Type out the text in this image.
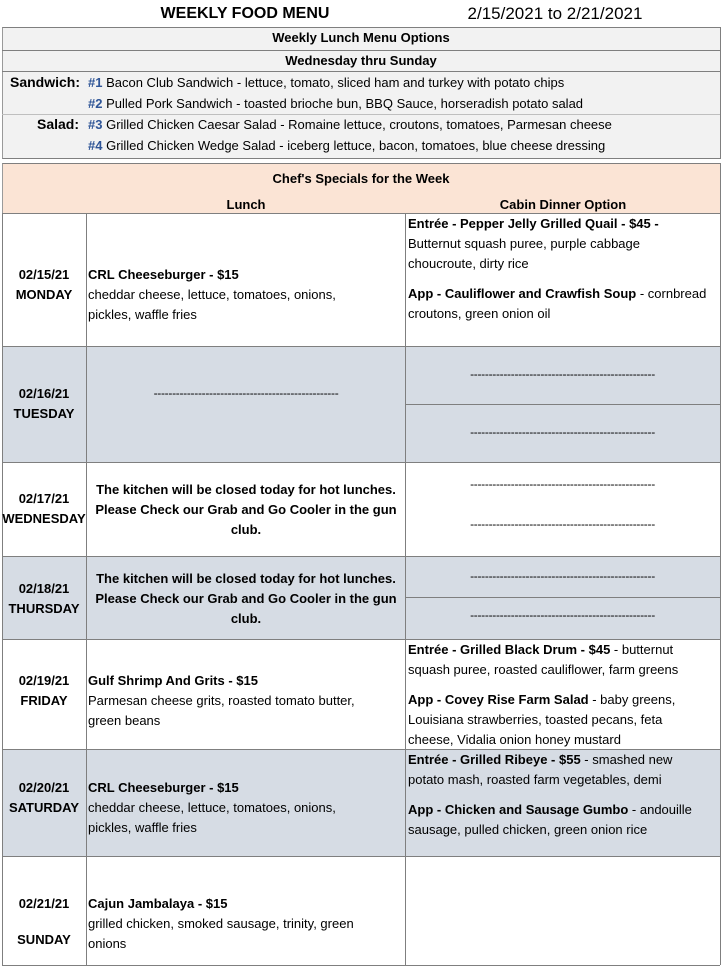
WEEKLY FOOD MENU	2/15/2021 to 2/21/2021
Weekly Lunch Menu Options
Wednesday thru Sunday
Sandwich: #1 Bacon Club Sandwich - lettuce, tomato, sliced ham and turkey with potato chips
#2 Pulled Pork Sandwich - toasted brioche bun, BBQ Sauce, horseradish potato salad
Salad: #3 Grilled Chicken Caesar Salad - Romaine lettuce, croutons, tomatoes, Parmesan cheese
#4 Grilled Chicken Wedge Salad - iceberg lettuce, bacon, tomatoes, blue cheese dressing
Chef's Specials for the Week
Lunch	Cabin Dinner Option
02/15/21
MONDAY
CRL Cheeseburger - $15
cheddar cheese, lettuce, tomatoes, onions,
pickles, waffle fries
Entrée - Pepper Jelly Grilled Quail - $45 -
Butternut squash puree, purple cabbage
choucroute, dirty rice
App - Cauliflower and Crawfish Soup - cornbread
croutons, green onion oil
02/16/21
TUESDAY
--------------------------------------------------
--------------------------------------------------
--------------------------------------------------
02/17/21
WEDNESDAY
The kitchen will be closed today for hot lunches.
Please Check our Grab and Go Cooler in the gun
club.
--------------------------------------------------
--------------------------------------------------
02/18/21
THURSDAY
The kitchen will be closed today for hot lunches.
Please Check our Grab and Go Cooler in the gun
club.
--------------------------------------------------
--------------------------------------------------
02/19/21
FRIDAY
Gulf Shrimp And Grits - $15
Parmesan cheese grits, roasted tomato butter,
green beans
Entrée - Grilled Black Drum - $45 - butternut
squash puree, roasted cauliflower, farm greens
App - Covey Rise Farm Salad - baby greens,
Louisiana strawberries, toasted pecans, feta
cheese, Vidalia onion honey mustard
02/20/21
SATURDAY
CRL Cheeseburger - $15
cheddar cheese, lettuce, tomatoes, onions,
pickles, waffle fries
Entrée - Grilled Ribeye - $55 - smashed new
potato mash, roasted farm vegetables, demi
App - Chicken and Sausage Gumbo - andouille
sausage, pulled chicken, green onion rice
02/21/21
SUNDAY
Cajun Jambalaya - $15
grilled chicken, smoked sausage, trinity, green
onions
